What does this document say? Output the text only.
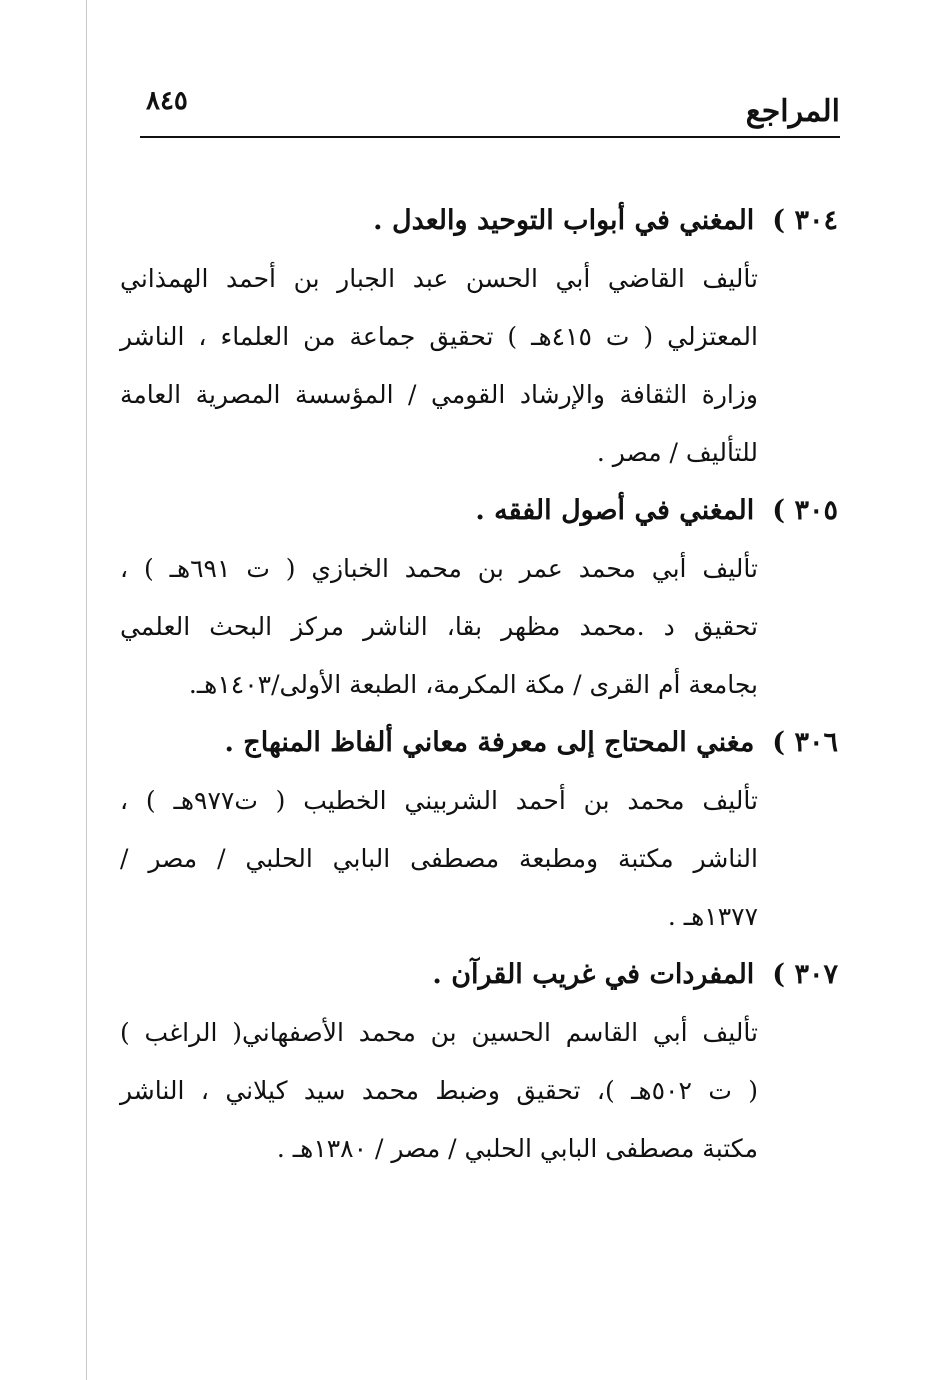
٨٤٥	المراجع
٣٠٤ )المغني في أبواب التوحيد والعدل .
تأليف القاضي أبي الحسن عبد الجبار بن أحمد الهمذاني
المعتزلي ( ت ٤١٥هـ ) تحقيق جماعة من العلماء ، الناشر
وزارة الثقافة والإرشاد القومي / المؤسسة المصرية العامة
للتأليف / مصر .
٣٠٥ )المغني في أصول الفقه .
تأليف أبي محمد عمر بن محمد الخبازي ( ت ٦٩١هـ ) ،
تحقيق د .محمد مظهر بقا، الناشر مركز البحث العلمي
بجامعة أم القرى / مكة المكرمة، الطبعة الأولى/١٤٠٣هـ.
٣٠٦ )مغني المحتاج إلى معرفة معاني ألفاظ المنهاج .
تأليف محمد بن أحمد الشربيني الخطيب ( ت٩٧٧هـ ) ،
الناشر مكتبة ومطبعة مصطفى البابي الحلبي / مصر /
١٣٧٧هـ .
٣٠٧ )المفردات في غريب القرآن .
تأليف أبي القاسم الحسين بن محمد الأصفهاني( الراغب )
( ت ٥٠٢هـ )، تحقيق وضبط محمد سيد كيلاني ، الناشر
مكتبة مصطفى البابي الحلبي / مصر / ١٣٨٠هـ .
